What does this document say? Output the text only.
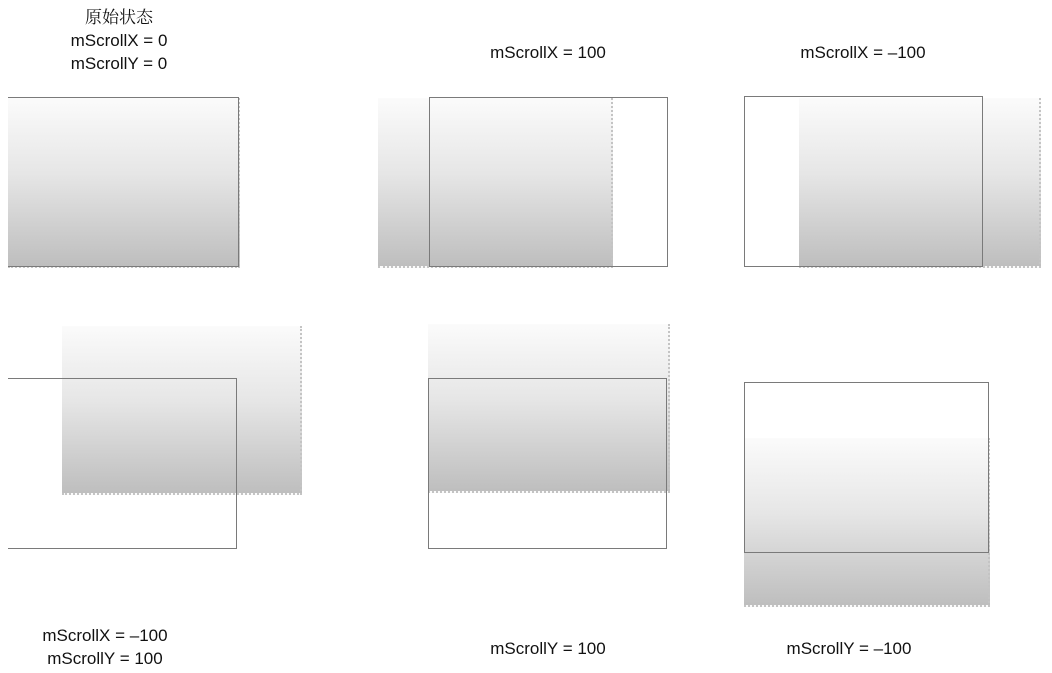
原始状态
mScrollX = 0
mScrollY = 0
mScrollX = 100	mScrollX = –100
mScrollX = –100
mScrollY = 100
mScrollY = 100	mScrollY = –100
